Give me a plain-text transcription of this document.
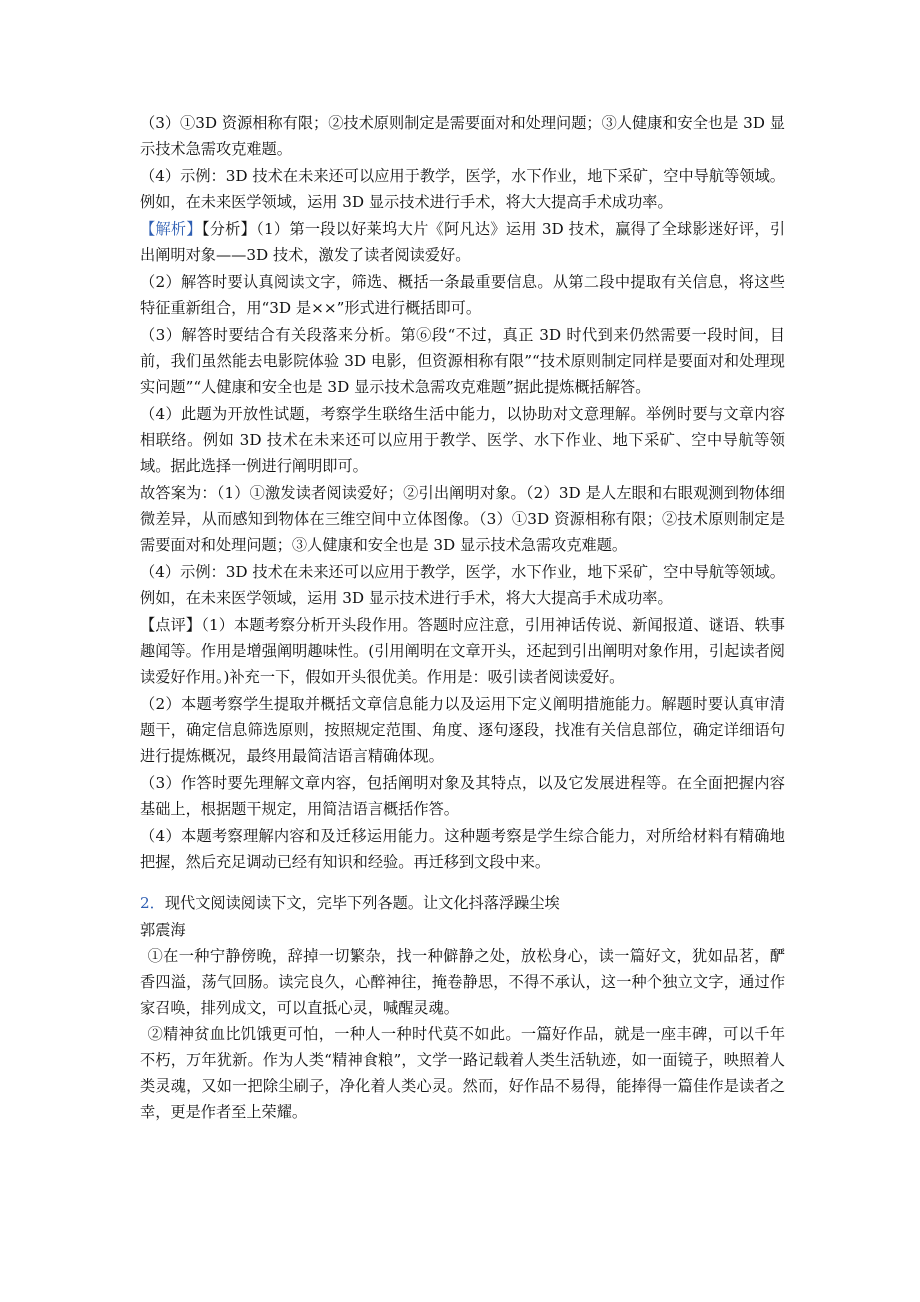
（3）①3D 资源相称有限；②技术原则制定是需要面对和处理问题；③人健康和安全也是 3D 显示技术急需攻克难题。

（4）示例：3D 技术在未来还可以应用于教学，医学，水下作业，地下采矿，空中导航等领域。例如，在未来医学领域，运用 3D 显示技术进行手术，将大大提高手术成功率。

【解析】【分析】（1）第一段以好莱坞大片《阿凡达》运用 3D 技术，赢得了全球影迷好评，引出阐明对象——3D 技术，激发了读者阅读爱好。

（2）解答时要认真阅读文字，筛选、概括一条最重要信息。从第二段中提取有关信息，将这些特征重新组合，用“3D 是××”形式进行概括即可。

（3）解答时要结合有关段落来分析。第⑥段“不过，真正 3D 时代到来仍然需要一段时间，目前，我们虽然能去电影院体验 3D 电影，但资源相称有限”“技术原则制定同样是要面对和处理现实问题”“人健康和安全也是 3D 显示技术急需攻克难题”据此提炼概括解答。

（4）此题为开放性试题，考察学生联络生活中能力，以协助对文意理解。举例时要与文章内容相联络。例如 3D 技术在未来还可以应用于教学、医学、水下作业、地下采矿、空中导航等领域。据此选择一例进行阐明即可。

故答案为：（1）①激发读者阅读爱好；②引出阐明对象。（2）3D 是人左眼和右眼观测到物体细微差异，从而感知到物体在三维空间中立体图像。（3）①3D 资源相称有限；②技术原则制定是需要面对和处理问题；③人健康和安全也是 3D 显示技术急需攻克难题。

（4）示例：3D 技术在未来还可以应用于教学，医学，水下作业，地下采矿，空中导航等领域。例如，在未来医学领域，运用 3D 显示技术进行手术，将大大提高手术成功率。

【点评】（1）本题考察分析开头段作用。答题时应注意，引用神话传说、新闻报道、谜语、轶事趣闻等。作用是增强阐明趣味性。(引用阐明在文章开头，还起到引出阐明对象作用，引起读者阅读爱好作用。)补充一下，假如开头很优美。作用是：吸引读者阅读爱好。

（2）本题考察学生提取并概括文章信息能力以及运用下定义阐明措施能力。解题时要认真审清题干，确定信息筛选原则，按照规定范围、角度、逐句逐段，找准有关信息部位，确定详细语句进行提炼概况，最终用最简洁语言精确体现。

（3）作答时要先理解文章内容，包括阐明对象及其特点，以及它发展进程等。在全面把握内容基础上，根据题干规定，用简洁语言概括作答。

（4）本题考察理解内容和及迁移运用能力。这种题考察是学生综合能力，对所给材料有精确地把握，然后充足调动已经有知识和经验。再迁移到文段中来。

2．现代文阅读阅读下文，完毕下列各题。让文化抖落浮躁尘埃

郭震海

①在一种宁静傍晚，辞掉一切繁杂，找一种僻静之处，放松身心，读一篇好文，犹如品茗，酽香四溢，荡气回肠。读完良久，心醉神往，掩卷静思，不得不承认，这一种个独立文字，通过作家召唤，排列成文，可以直抵心灵，喊醒灵魂。

②精神贫血比饥饿更可怕，一种人一种时代莫不如此。一篇好作品，就是一座丰碑，可以千年不朽，万年犹新。作为人类“精神食粮”，文学一路记载着人类生活轨迹，如一面镜子，映照着人类灵魂，又如一把除尘刷子，净化着人类心灵。然而，好作品不易得，能捧得一篇佳作是读者之幸，更是作者至上荣耀。
